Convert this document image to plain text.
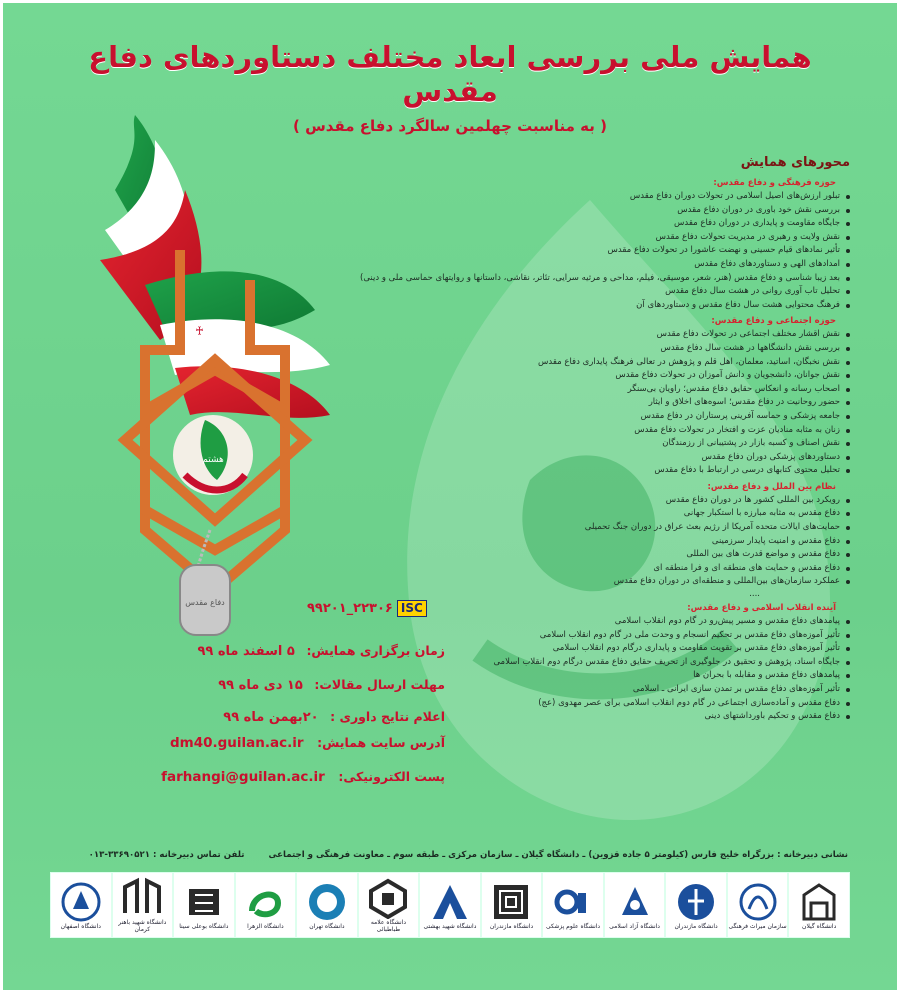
همایش ملی بررسی ابعاد مختلف دستاوردهای دفاع مقدس
( به مناسبت چهلمین سالگرد دفاع مقدس )
♰
هشتم
دفاع مقدس
محورهای همایش
حوزه فرهنگی و دفاع مقدس:
تبلور ارزش‌های اصیل اسلامی در تحولات دوران دفاع مقدس
بررسی نقش خود باوری در دوران دفاع مقدس
جایگاه مقاومت و پایداری در دوران دفاع مقدس
نقش ولایت و رهبری در مدیریت تحولات دفاع مقدس
تأثیر نمادهای قیام حسینی و نهضت عاشورا در تحولات دفاع مقدس
امدادهای الهی و دستاوردهای دفاع مقدس
بعد زیبا شناسی و دفاع مقدس (هنر، شعر، موسیقی، فیلم، مداحی و مرثیه سرایی، تئاتر، نقاشی، داستانها و روایتهای حماسی ملی و دینی)
تحلیل تاب آوری روانی در هشت سال دفاع مقدس
فرهنگ محتوایی هشت سال دفاع مقدس و دستاوردهای آن
حوزه اجتماعی و دفاع مقدس:
نقش اقشار مختلف اجتماعی در تحولات دفاع مقدس
بررسی نقش دانشگاهها در هشت سال دفاع مقدس
نقش نخبگان، اساتید، معلمان، اهل قلم و پژوهش در تعالی فرهنگ پایداری دفاع مقدس
نقش جوانان، دانشجویان و دانش آموزان در تحولات دفاع مقدس
اصحاب رسانه و انعکاس حقایق دفاع مقدس؛ راویان بی‌سنگر
حضور روحانیت در دفاع مقدس؛ اسوه‌های اخلاق و ایثار
جامعه پزشکی و حماسه آفرینی پرستاران در دفاع مقدس
زنان به مثابه منادیان عزت و افتخار در تحولات دفاع مقدس
نقش اصناف و کسبه بازار در پشتیبانی از رزمندگان
دستاوردهای پزشکی دوران دفاع مقدس
تحلیل محتوی کتابهای درسی در ارتباط با دفاع مقدس
نظام بین الملل و دفاع مقدس:
رویکرد بین المللی کشور ها در دوران دفاع مقدس
دفاع مقدس به مثابه مبارزه با استکبار جهانی
حمایت‌های ایالات متحده آمریکا از رژیم بعث عراق در دوران جنگ تحمیلی
دفاع مقدس و امنیت پایدار سرزمینی
دفاع مقدس و مواضع قدرت های بین المللی
دفاع مقدس و حمایت های منطقه ای و فرا منطقه ای
عملکرد سازمان‌های بین‌المللی و منطقه‌ای در دوران دفاع مقدس
....
آینده انقلاب اسلامی و دفاع مقدس:
پیامدهای دفاع مقدس و مسیر پیش‌رو در گام دوم انقلاب اسلامی
تأثیر آموزه‌های دفاع مقدس بر تحکیم انسجام و وحدت ملی در گام دوم انقلاب اسلامی
تأثیر آموزه‌های دفاع مقدس بر تقویت مقاومت و پایداری درگام دوم انقلاب اسلامی
جایگاه اسناد، پژوهش و تحقیق در جلوگیری از تحریف حقایق دفاع مقدس درگام دوم انقلاب اسلامی
پیامدهای دفاع مقدس و مقابله با بحران ها
تأثیر آموزه‌های دفاع مقدس بر تمدن سازی ایرانی ـ اسلامی
دفاع مقدس و آماده‌سازی اجتماعی در گام دوم انقلاب اسلامی برای عصر مهدوی (عج)
دفاع مقدس و تحکیم باورداشتهای دینی
۹۹۲۰۱_۲۲۳۰۶ ISC
زمان برگزاری همایش: ۵ اسفند ماه ۹۹
مهلت ارسال مقالات: ۱۵ دی ماه ۹۹
اعلام نتایج داوری : ۲۰بهمن ماه ۹۹
آدرس سایت همایش: dm40.guilan.ac.ir
پست الکترونیکی: farhangi@guilan.ac.ir
نشانی دبیرخانه : بزرگراه خلیج فارس (کیلومتر ۵ جاده قزوین) ـ دانشگاه گیلان ـ سازمان مرکزی ـ طبقه سوم ـ معاونت فرهنگی و اجتماعی  تلفن تماس دبیرخانه : ۳۳۶۹۰۵۲۱-۰۱۳
دانشگاه گیلان
سازمان میراث فرهنگی
دانشگاه مازندران
دانشگاه آزاد اسلامی
دانشگاه علوم پزشکی
دانشگاه مازندران
دانشگاه شهید بهشتی
دانشگاه علامه طباطبائی
دانشگاه تهران
دانشگاه الزهرا
دانشگاه بوعلی سینا
دانشگاه شهید باهنر کرمان
دانشگاه اصفهان
